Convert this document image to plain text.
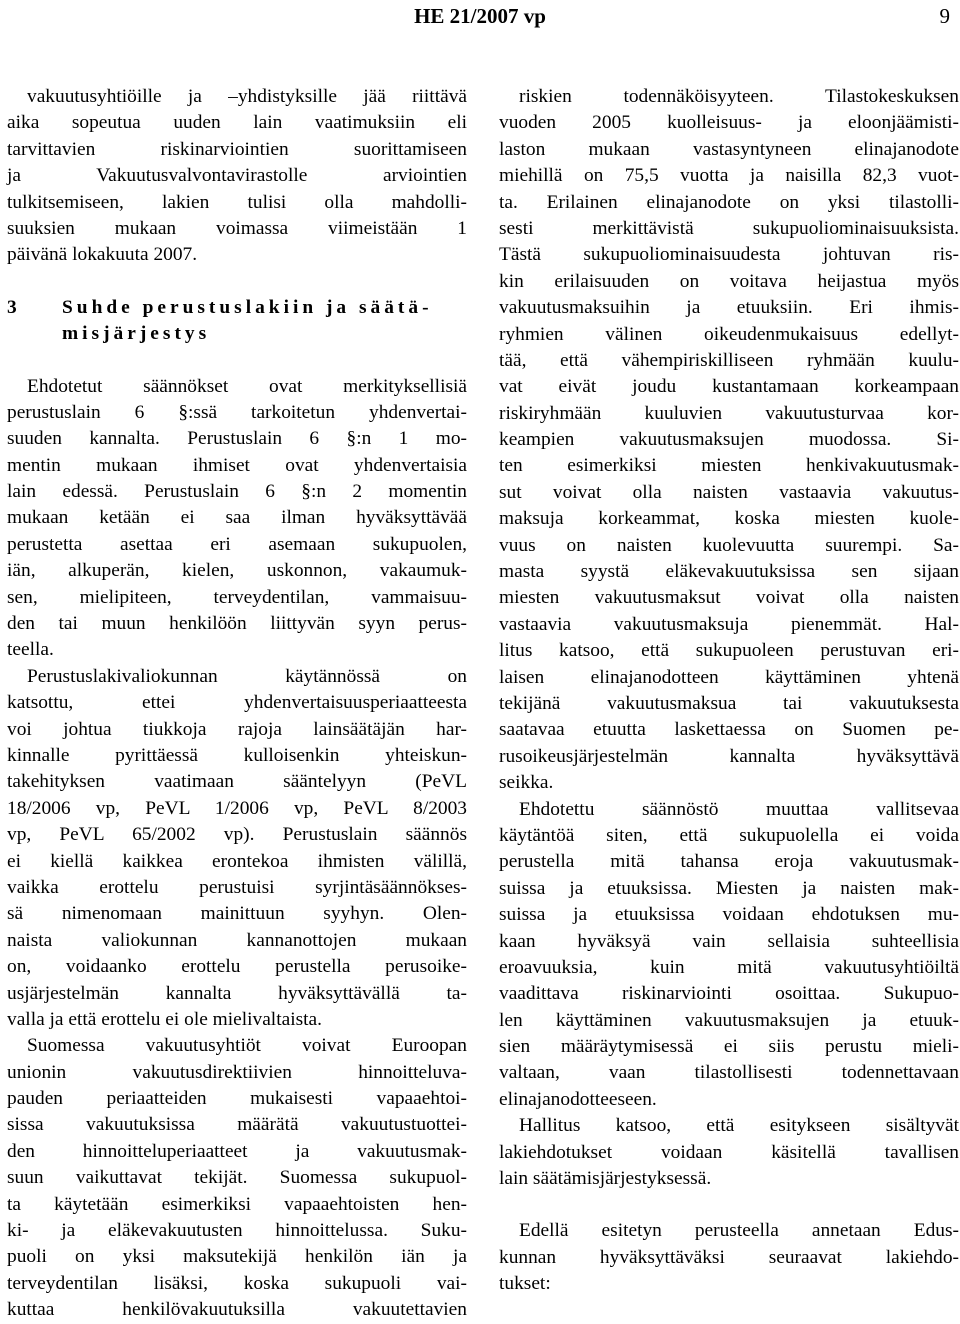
HE 21/2007 vp	9
vakuutusyhtiöille ja –yhdistyksille jää riittävä
aika sopeutua uuden lain vaatimuksiin eli
tarvittavien riskinarviointien suorittamiseen
ja Vakuutusvalvontavirastolle arviointien
tulkitsemiseen, lakien tulisi olla mahdolli-
suuksien mukaan voimassa viimeistään 1
päivänä lokakuuta 2007.
3 Suhde perustuslakiin ja säätä-
misjärjestys
Ehdotetut säännökset ovat merkityksellisiä
perustuslain 6 §:ssä tarkoitetun yhdenvertai-
suuden kannalta. Perustuslain 6 §:n 1 mo-
mentin mukaan ihmiset ovat yhdenvertaisia
lain edessä. Perustuslain 6 §:n 2 momentin
mukaan ketään ei saa ilman hyväksyttävää
perustetta asettaa eri asemaan sukupuolen,
iän, alkuperän, kielen, uskonnon, vakaumuk-
sen, mielipiteen, terveydentilan, vammaisuu-
den tai muun henkilöön liittyvän syyn perus-
teella.
Perustuslakivaliokunnan käytännössä on
katsottu, ettei yhdenvertaisuusperiaatteesta
voi johtua tiukkoja rajoja lainsäätäjän har-
kinnalle pyrittäessä kulloisenkin yhteiskun-
takehityksen vaatimaan sääntelyyn (PeVL
18/2006 vp, PeVL 1/2006 vp, PeVL 8/2003
vp, PeVL 65/2002 vp). Perustuslain säännös
ei kiellä kaikkea erontekoa ihmisten välillä,
vaikka erottelu perustuisi syrjintäsäännökses-
sä nimenomaan mainittuun syyhyn. Olen-
naista valiokunnan kannanottojen mukaan
on, voidaanko erottelu perustella perusoike-
usjärjestelmän kannalta hyväksyttävällä ta-
valla ja että erottelu ei ole mielivaltaista.
Suomessa vakuutusyhtiöt voivat Euroopan
unionin vakuutusdirektiivien hinnoitteluva-
pauden periaatteiden mukaisesti vapaaehtoi-
sissa vakuutuksissa määrätä vakuutustuottei-
den hinnoitteluperiaatteet ja vakuutusmak-
suun vaikuttavat tekijät. Suomessa sukupuol-
ta käytetään esimerkiksi vapaaehtoisten hen-
ki- ja eläkevakuutusten hinnoittelussa. Suku-
puoli on yksi maksutekijä henkilön iän ja
terveydentilan lisäksi, koska sukupuoli vai-
kuttaa henkilövakuutuksilla vakuutettavien
riskien todennäköisyyteen. Tilastokeskuksen
vuoden 2005 kuolleisuus- ja eloonjäämisti-
laston mukaan vastasyntyneen elinajanodote
miehillä on 75,5 vuotta ja naisilla 82,3 vuot-
ta. Erilainen elinajanodote on yksi tilastolli-
sesti merkittävistä sukupuoliominaisuuksista.
Tästä sukupuoliominaisuudesta johtuvan ris-
kin erilaisuuden on voitava heijastua myös
vakuutusmaksuihin ja etuuksiin. Eri ihmis-
ryhmien välinen oikeudenmukaisuus edellyt-
tää, että vähempiriskilliseen ryhmään kuulu-
vat eivät joudu kustantamaan korkeampaan
riskiryhmään kuuluvien vakuutusturvaa kor-
keampien vakuutusmaksujen muodossa. Si-
ten esimerkiksi miesten henkivakuutusmak-
sut voivat olla naisten vastaavia vakuutus-
maksuja korkeammat, koska miesten kuole-
vuus on naisten kuolevuutta suurempi. Sa-
masta syystä eläkevakuutuksissa sen sijaan
miesten vakuutusmaksut voivat olla naisten
vastaavia vakuutusmaksuja pienemmät. Hal-
litus katsoo, että sukupuoleen perustuvan eri-
laisen elinajanodotteen käyttäminen yhtenä
tekijänä vakuutusmaksua tai vakuutuksesta
saatavaa etuutta laskettaessa on Suomen pe-
rusoikeusjärjestelmän kannalta hyväksyttävä
seikka.
Ehdotettu säännöstö muuttaa vallitsevaa
käytäntöä siten, että sukupuolella ei voida
perustella mitä tahansa eroja vakuutusmak-
suissa ja etuuksissa. Miesten ja naisten mak-
suissa ja etuuksissa voidaan ehdotuksen mu-
kaan hyväksyä vain sellaisia suhteellisia
eroavuuksia, kuin mitä vakuutusyhtiöiltä
vaadittava riskinarviointi osoittaa. Sukupuo-
len käyttäminen vakuutusmaksujen ja etuuk-
sien määräytymisessä ei siis perustu mieli-
valtaan, vaan tilastollisesti todennettavaan
elinajanodotteeseen.
Hallitus katsoo, että esitykseen sisältyvät
lakiehdotukset voidaan käsitellä tavallisen
lain säätämisjärjestyksessä.
Edellä esitetyn perusteella annetaan Edus-
kunnan hyväksyttäväksi seuraavat lakiehdo-
tukset:
